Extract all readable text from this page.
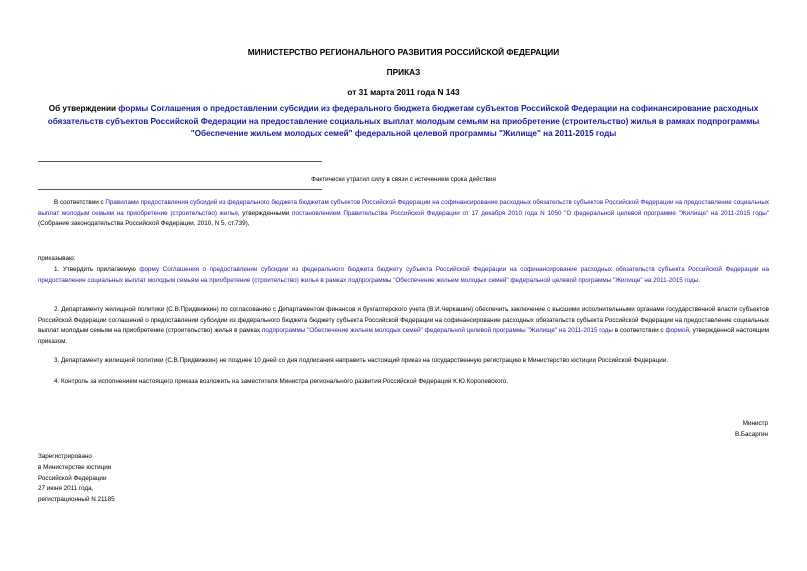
МИНИСТЕРСТВО РЕГИОНАЛЬНОГО РАЗВИТИЯ РОССИЙСКОЙ ФЕДЕРАЦИИ
ПРИКАЗ
от 31 марта 2011 года N 143
Об утверждении формы Соглашения о предоставлении субсидии из федерального бюджета бюджетам субъектов Российской Федерации на софинансирование расходных обязательств субъектов Российской Федерации на предоставление социальных выплат молодым семьям на приобретение (строительство) жилья в рамках подпрограммы "Обеспечение жильем молодых семей" федеральной целевой программы "Жилище" на 2011-2015 годы
Фактически утратил силу в связи с истечением срока действия
В соответствии с Правилами предоставления субсидий из федерального бюджета бюджетам субъектов Российской Федерации на софинансирование расходных обязательств субъектов Российской Федерации на предоставление социальных выплат молодым семьям на приобретение (строительство) жилья, утвержденными постановлением Правительства Российской Федерации от 17 декабря 2010 года N 1050 "О федеральной целевой программе "Жилище" на 2011-2015 годы" (Собрание законодательства Российской Федерации, 2010, N 5, ст.739),
приказываю:
1. Утвердить прилагаемую форму Соглашения о предоставлении субсидии из федерального бюджета бюджету субъекта Российской Федерации на софинансирование расходных обязательств субъекта Российской Федерации на предоставление социальных выплат молодым семьям на приобретение (строительство) жилья в рамках подпрограммы "Обеспечение жильем молодых семей" федеральной целевой программы "Жилище" на 2011-2015 годы.
2. Департаменту жилищной политики (С.В.Придвижкин) по согласованию с Департаментом финансов и бухгалтерского учета (В.И.Черкашин) обеспечить заключение с высшими исполнительными органами государственной власти субъектов Российской Федерации соглашений о предоставлении субсидии из федерального бюджета бюджету субъекта Российской Федерации на софинансирование расходных обязательств субъекта Российской Федерации на предоставление социальных выплат молодым семьям на приобретение (строительство) жилья в рамках подпрограммы "Обеспечение жильем молодых семей" федеральной целевой программы "Жилище" на 2011-2015 годы в соответствии с формой, утвержденной настоящим приказом.
3. Департаменту жилищной политики (С.В.Придвижкин) не позднее 10 дней со дня подписания направить настоящий приказ на государственную регистрацию в Министерство юстиции Российской Федерации.
4. Контроль за исполнением настоящего приказа возложить на заместителя Министра регионального развития Российской Федерации К.Ю.Королевского.
Министр
В.Басаргин
Зарегистрировано
в Министерстве юстиции
Российской Федерации
27 июня 2011 года,
регистрационный N 21185
